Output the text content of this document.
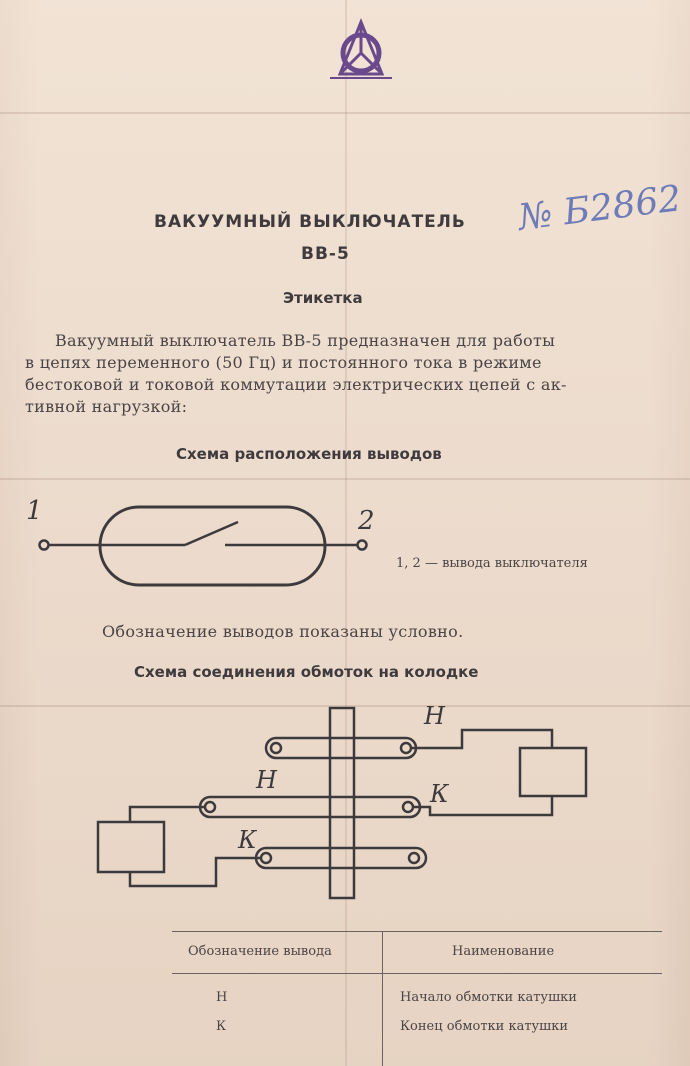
ВАКУУМНЫЙ ВЫКЛЮЧАТЕЛЬ № Б2862
ВВ-5
Этикетка
Вакуумный выключатель ВВ-5 предназначен для работы
в цепях переменного (50 Гц) и постоянного тока в режиме
бестоковой и токовой коммутации электрических цепей с ак-
тивной нагрузкой:
Схема расположения выводов
1	2
1, 2 — вывода выключателя
Обозначение выводов показаны условно.
Схема соединения обмоток на колодке
Н
Н	К
К
Обозначение вывода	Наименование
Н	Начало обмотки катушки
К	Конец обмотки катушки
